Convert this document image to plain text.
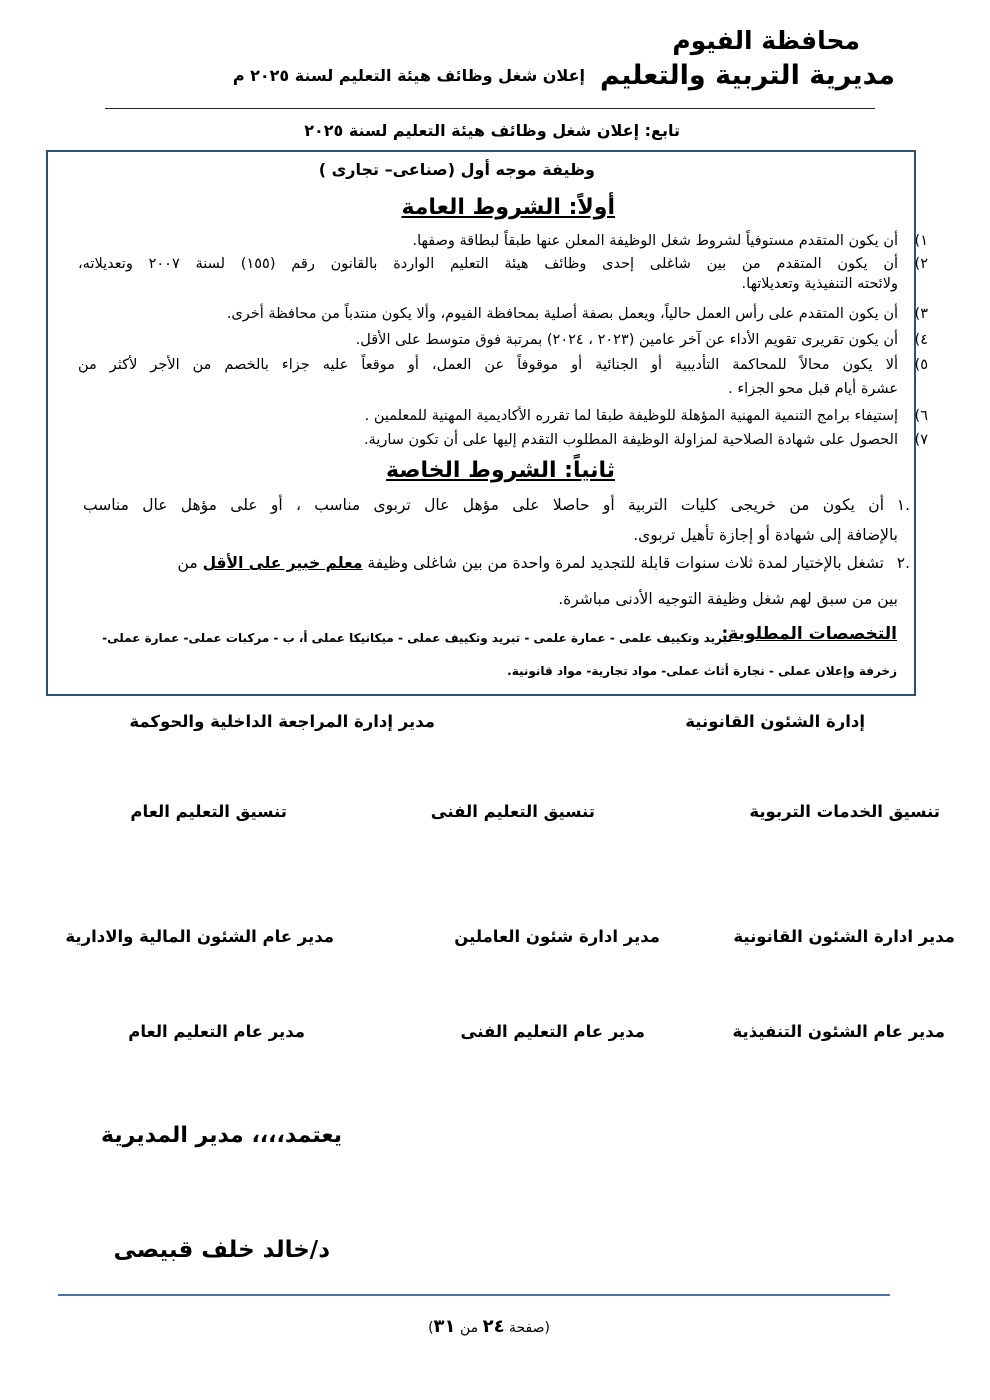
محافظة الفيوم
مديرية التربية والتعليم
إعلان شغل وظائف هيئة التعليم لسنة ٢٠٢٥ م
تابع: إعلان شغل وظائف هيئة التعليم لسنة ٢٠٢٥
وظيفة موجه أول (صناعى– تجارى )
أولاً: الشروط العامة
١)
أن يكون المتقدم مستوفياً لشروط شغل الوظيفة المعلن عنها طبقاً لبطاقة وصفها.
٢)
أن يكون المتقدم من بين شاغلى إحدى وظائف هيئة التعليم الواردة بالقانون رقم (١٥٥) لسنة ٢٠٠٧ وتعديلاته،
ولائحته التنفيذية وتعديلاتها.
٣)
أن يكون المتقدم على رأس العمل حالياً، ويعمل بصفة أصلية بمحافظة الفيوم، وألا يكون منتدباً من محافظة أخرى.
٤)
أن يكون تقريرى تقويم الأداء عن آخر عامين (٢٠٢٣ ، ٢٠٢٤) بمرتبة فوق متوسط على الأقل.
٥)
ألا يكون محالاً للمحاكمة التأديبية أو الجنائية أو موقوفاً عن العمل، أو موقعاً عليه جزاء بالخصم من الأجر لأكثر من
عشرة أيام قبل محو الجزاء .
٦)
إستيفاء برامج التنمية المهنية المؤهلة للوظيفة طبقا لما تقرره الأكاديمية المهنية للمعلمين .
٧)
الحصول على شهادة الصلاحية لمزاولة الوظيفة المطلوب التقدم إليها على أن تكون سارية.
ثانياً: الشروط الخاصة
.١
أن يكون من خريجى كليات التربية أو حاصلا على مؤهل عال تربوى مناسب ، أو على مؤهل عال مناسب
بالإضافة إلى شهادة أو إجازة تأهيل تربوى.
.٢
تشغل بالإختيار لمدة ثلاث سنوات قابلة للتجديد لمرة واحدة من بين شاغلى وظيفة معلم خبير على الأقل من
بين من سبق لهم شغل وظيفة التوجيه الأدنى مباشرة.
التخصصات المطلوبة:
تبريد وتكييف علمى - عمارة علمى - تبريد وتكييف عملى - ميكانيكا عملى أ، ب - مركبات عملى- عمارة عملى-
زخرفة وإعلان عملى - نجارة أثاث عملى- مواد تجارية- مواد قانونية.
إدارة الشئون القانونية
مدير إدارة المراجعة الداخلية والحوكمة
تنسيق الخدمات التربوية
تنسيق التعليم الفنى
تنسيق التعليم العام
مدير ادارة الشئون القانونية
مدير ادارة شئون العاملين
مدير عام الشئون المالية والادارية
مدير عام الشئون التنفيذية
مدير عام التعليم الفنى
مدير عام التعليم العام
يعتمد،،،، مدير المديرية
د/خالد خلف قبيصى
(صفحة ٢٤ من ٣١)
